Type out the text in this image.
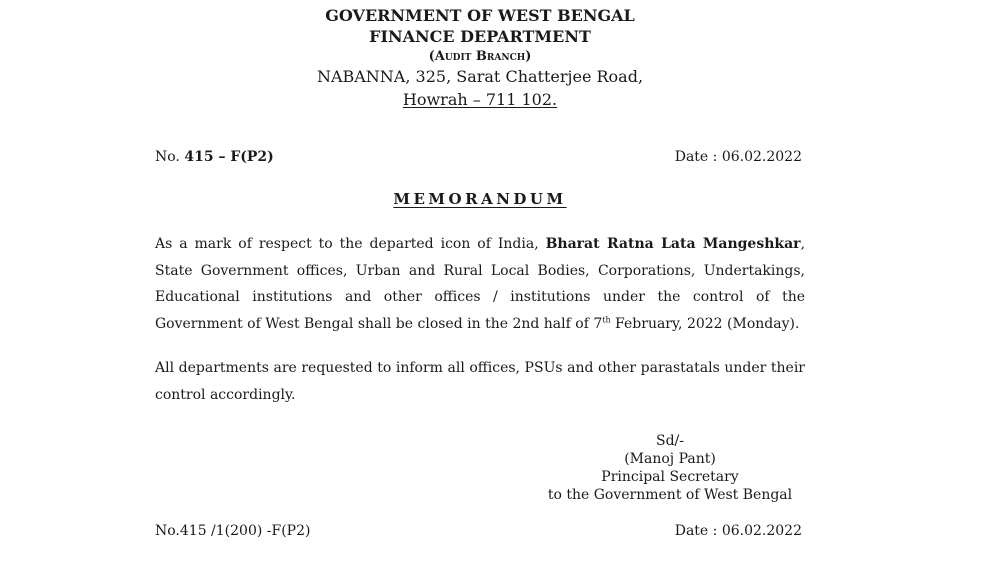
GOVERNMENT OF WEST BENGAL
FINANCE DEPARTMENT
(Audit Branch)
NABANNA, 325, Sarat Chatterjee Road,
Howrah – 711 102.
No. 415 – F(P2)	Date : 06.02.2022
MEMORANDUM
As a mark of respect to the departed icon of India, Bharat Ratna Lata Mangeshkar, State Government offices, Urban and Rural Local Bodies, Corporations, Undertakings, Educational institutions and other offices / institutions under the control of the Government of West Bengal shall be closed in the 2nd half of 7th February, 2022 (Monday).
All departments are requested to inform all offices, PSUs and other parastatals under their control accordingly.
Sd/-
(Manoj Pant)
Principal Secretary
to the Government of West Bengal
No.415 /1(200) -F(P2)	Date : 06.02.2022
